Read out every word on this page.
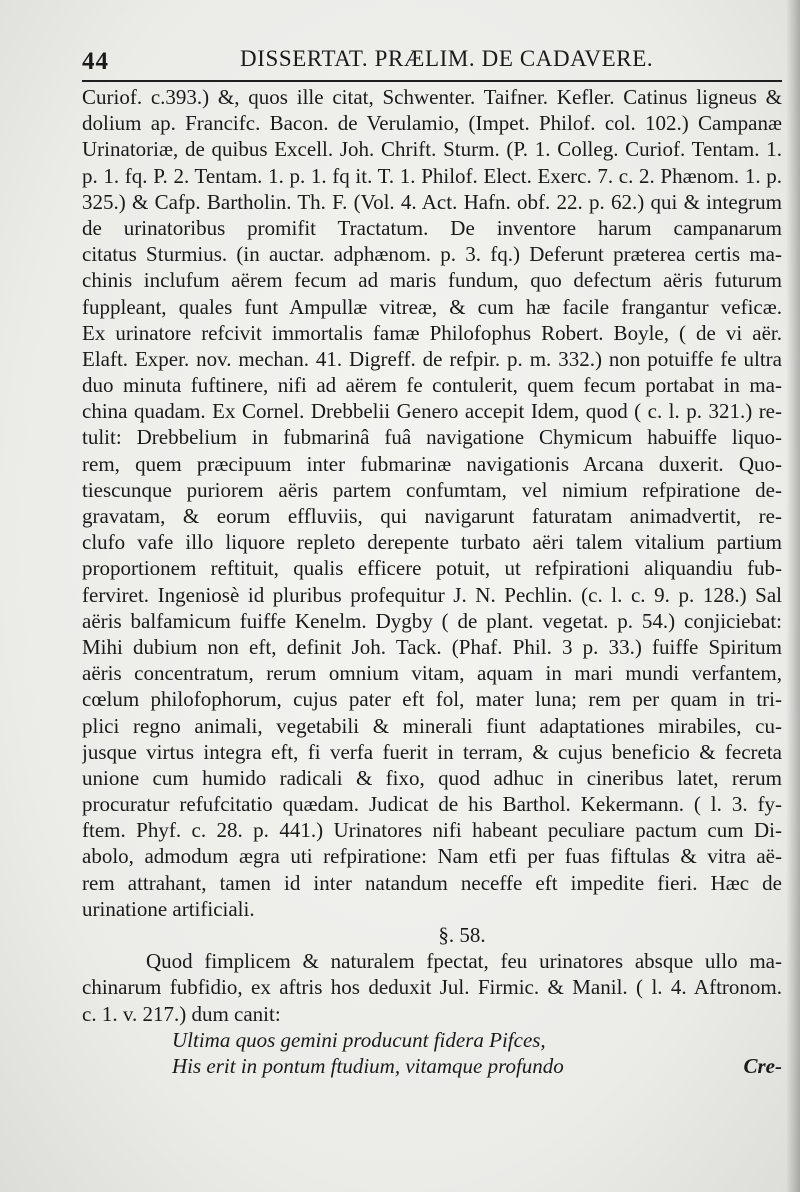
44	DISSERTAT. PRÆLIM. DE CADAVERE.
Curiof. c.393.) &, quos ille citat, Schwenter. Taifner. Kefler. Catinus ligneus &
dolium ap. Francifc. Bacon. de Verulamio, (Impet. Philof. col. 102.) Campanæ
Urinatoriæ, de quibus Excell. Joh. Chrift. Sturm. (P. 1. Colleg. Curiof. Tentam. 1.
p. 1. fq. P. 2. Tentam. 1. p. 1. fq it. T. 1. Philof. Elect. Exerc. 7. c. 2. Phænom. 1. p.
325.) & Cafp. Bartholin. Th. F. (Vol. 4. Act. Hafn. obf. 22. p. 62.) qui & integrum
de urinatoribus promifit Tractatum. De inventore harum campanarum
citatus Sturmius. (in auctar. adphænom. p. 3. fq.) Deferunt præterea certis ma-
chinis inclufum aërem fecum ad maris fundum, quo defectum aëris futurum
fuppleant, quales funt Ampullæ vitreæ, & cum hæ facile frangantur veficæ.
Ex urinatore refcivit immortalis famæ Philofophus Robert. Boyle, ( de vi aër.
Elaft. Exper. nov. mechan. 41. Digreff. de refpir. p. m. 332.) non potuiffe fe ultra
duo minuta fuftinere, nifi ad aërem fe contulerit, quem fecum portabat in ma-
china quadam. Ex Cornel. Drebbelii Genero accepit Idem, quod ( c. l. p. 321.) re-
tulit: Drebbelium in fubmarinâ fuâ navigatione Chymicum habuiffe liquo-
rem, quem præcipuum inter fubmarinæ navigationis Arcana duxerit. Quo-
tiescunque puriorem aëris partem confumtam, vel nimium refpiratione de-
gravatam, & eorum effluviis, qui navigarunt faturatam animadvertit, re-
clufo vafe illo liquore repleto derepente turbato aëri talem vitalium partium
proportionem reftituit, qualis efficere potuit, ut refpirationi aliquandiu fub-
ferviret. Ingeniosè id pluribus profequitur J. N. Pechlin. (c. l. c. 9. p. 128.) Sal
aëris balfamicum fuiffe Kenelm. Dygby ( de plant. vegetat. p. 54.) conjiciebat:
Mihi dubium non eft, definit Joh. Tack. (Phaf. Phil. 3 p. 33.) fuiffe Spiritum
aëris concentratum, rerum omnium vitam, aquam in mari mundi verfantem,
cœlum philofophorum, cujus pater eft fol, mater luna; rem per quam in tri-
plici regno animali, vegetabili & minerali fiunt adaptationes mirabiles, cu-
jusque virtus integra eft, fi verfa fuerit in terram, & cujus beneficio & fecreta
unione cum humido radicali & fixo, quod adhuc in cineribus latet, rerum
procuratur refufcitatio quædam. Judicat de his Barthol. Kekermann. ( l. 3. fy-
ftem. Phyf. c. 28. p. 441.) Urinatores nifi habeant peculiare pactum cum Di-
abolo, admodum ægra uti refpiratione: Nam etfi per fuas fiftulas & vitra aë-
rem attrahant, tamen id inter natandum neceffe eft impedite fieri. Hæc de
urinatione artificiali.
§. 58.
Quod fimplicem & naturalem fpectat, feu urinatores absque ullo ma-
chinarum fubfidio, ex aftris hos deduxit Jul. Firmic. & Manil. ( l. 4. Aftronom.
c. 1. v. 217.) dum canit:
Ultima quos gemini producunt fidera Pifces,
His erit in pontum ftudium, vitamque profundo	Cre-
